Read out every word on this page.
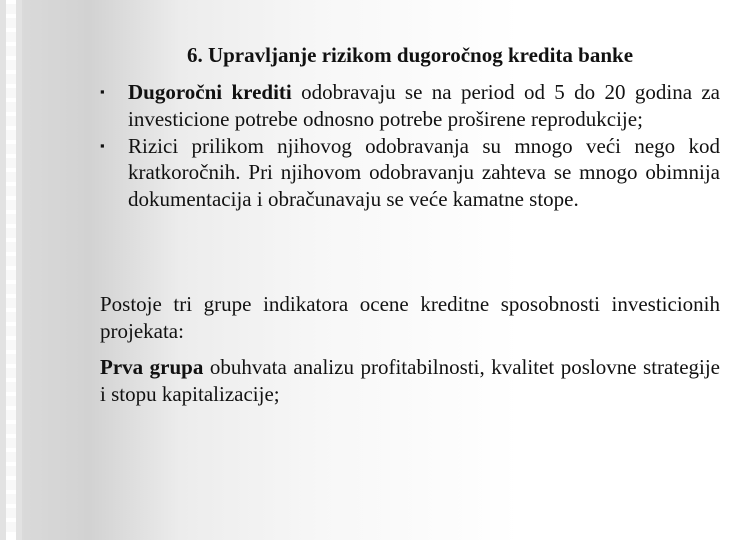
6. Upravljanje rizikom dugoročnog kredita banke
▪ Dugoročni krediti odobravaju se na period od 5 do 20 godina za investicione potrebe odnosno potrebe proširene reprodukcije;
▪ Rizici prilikom njihovog odobravanja su mnogo veći nego kod kratkoročnih. Pri njihovom odobravanju zahteva se mnogo obimnija dokumentacija i obračunavaju se veće kamatne stope.

Postoje tri grupe indikatora ocene kreditne sposobnosti investicionih projekata:

Prva grupa obuhvata analizu profitabilnosti, kvalitet poslovne strategije i stopu kapitalizacije;
